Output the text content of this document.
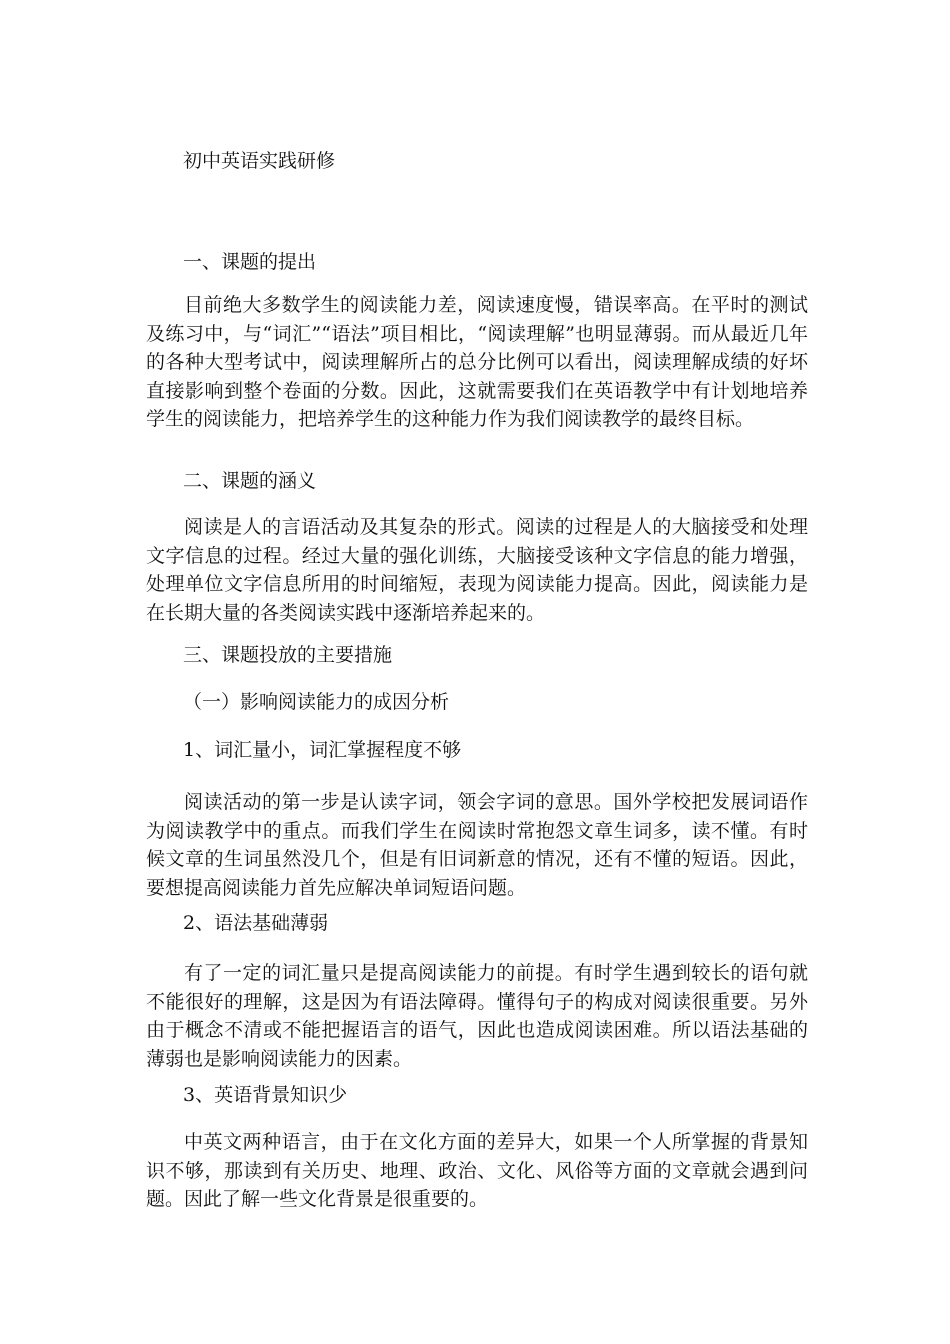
初中英语实践研修
一、课题的提出

目前绝大多数学生的阅读能力差，阅读速度慢，错误率高。在平时的测试及练习中，与“词汇”“语法”项目相比，“阅读理解”也明显薄弱。而从最近几年的各种大型考试中，阅读理解所占的总分比例可以看出，阅读理解成绩的好坏直接影响到整个卷面的分数。因此，这就需要我们在英语教学中有计划地培养学生的阅读能力，把培养学生的这种能力作为我们阅读教学的最终目标。

二、课题的涵义

阅读是人的言语活动及其复杂的形式。阅读的过程是人的大脑接受和处理文字信息的过程。经过大量的强化训练，大脑接受该种文字信息的能力增强，处理单位文字信息所用的时间缩短，表现为阅读能力提高。因此，阅读能力是在长期大量的各类阅读实践中逐渐培养起来的。

三、课题投放的主要措施
（一）影响阅读能力的成因分析
1、词汇量小，词汇掌握程度不够

阅读活动的第一步是认读字词，领会字词的意思。国外学校把发展词语作为阅读教学中的重点。而我们学生在阅读时常抱怨文章生词多，读不懂。有时候文章的生词虽然没几个，但是有旧词新意的情况，还有不懂的短语。因此，要想提高阅读能力首先应解决单词短语问题。

2、语法基础薄弱

有了一定的词汇量只是提高阅读能力的前提。有时学生遇到较长的语句就不能很好的理解，这是因为有语法障碍。懂得句子的构成对阅读很重要。另外由于概念不清或不能把握语言的语气，因此也造成阅读困难。所以语法基础的薄弱也是影响阅读能力的因素。

3、英语背景知识少

中英文两种语言，由于在文化方面的差异大，如果一个人所掌握的背景知识不够，那读到有关历史、地理、政治、文化、风俗等方面的文章就会遇到问题。因此了解一些文化背景是很重要的。
